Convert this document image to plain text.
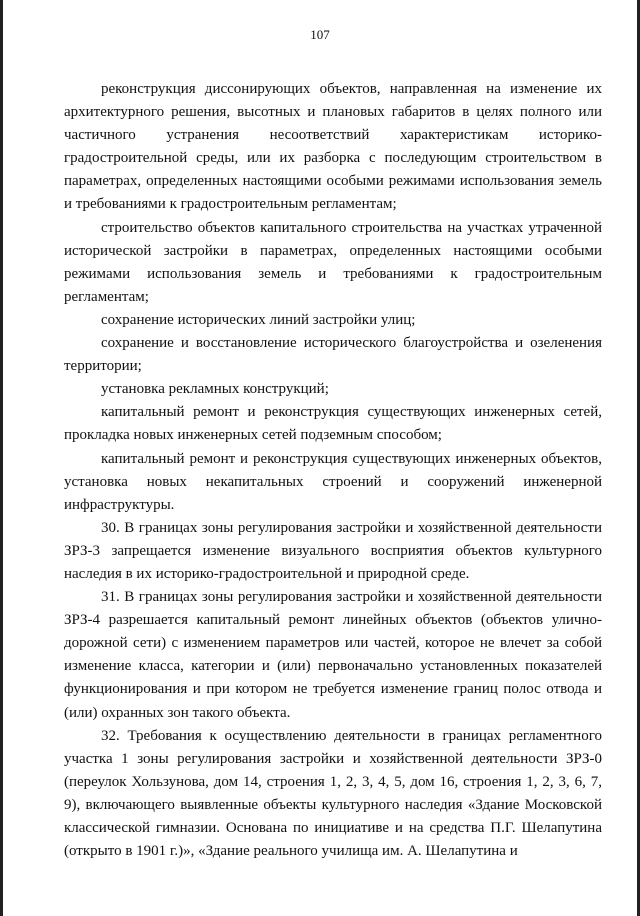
107

реконструкция диссонирующих объектов, направленная на изменение их архитектурного решения, высотных и плановых габаритов в целях полного или частичного устранения несоответствий характеристикам историко-градостроительной среды, или их разборка с последующим строительством в параметрах, определенных настоящими особыми режимами использования земель и требованиями к градостроительным регламентам;

строительство объектов капитального строительства на участках утраченной исторической застройки в параметрах, определенных настоящими особыми режимами использования земель и требованиями к градостроительным регламентам;

сохранение исторических линий застройки улиц;

сохранение и восстановление исторического благоустройства и озеленения территории;

установка рекламных конструкций;

капитальный ремонт и реконструкция существующих инженерных сетей, прокладка новых инженерных сетей подземным способом;

капитальный ремонт и реконструкция существующих инженерных объектов, установка новых некапитальных строений и сооружений инженерной инфраструктуры.

30. В границах зоны регулирования застройки и хозяйственной деятельности ЗРЗ-3 запрещается изменение визуального восприятия объектов культурного наследия в их историко-градостроительной и природной среде.

31. В границах зоны регулирования застройки и хозяйственной деятельности ЗРЗ-4 разрешается капитальный ремонт линейных объектов (объектов улично-дорожной сети) с изменением параметров или частей, которое не влечет за собой изменение класса, категории и (или) первоначально установленных показателей функционирования и при котором не требуется изменение границ полос отвода и (или) охранных зон такого объекта.

32. Требования к осуществлению деятельности в границах регламентного участка 1 зоны регулирования застройки и хозяйственной деятельности ЗРЗ-0 (переулок Хользунова, дом 14, строения 1, 2, 3, 4, 5, дом 16, строения 1, 2, 3, 6, 7, 9), включающего выявленные объекты культурного наследия «Здание Московской классической гимназии. Основана по инициативе и на средства П.Г. Шелапутина (открыто в 1901 г.)», «Здание реального училища им. А. Шелапутина и
